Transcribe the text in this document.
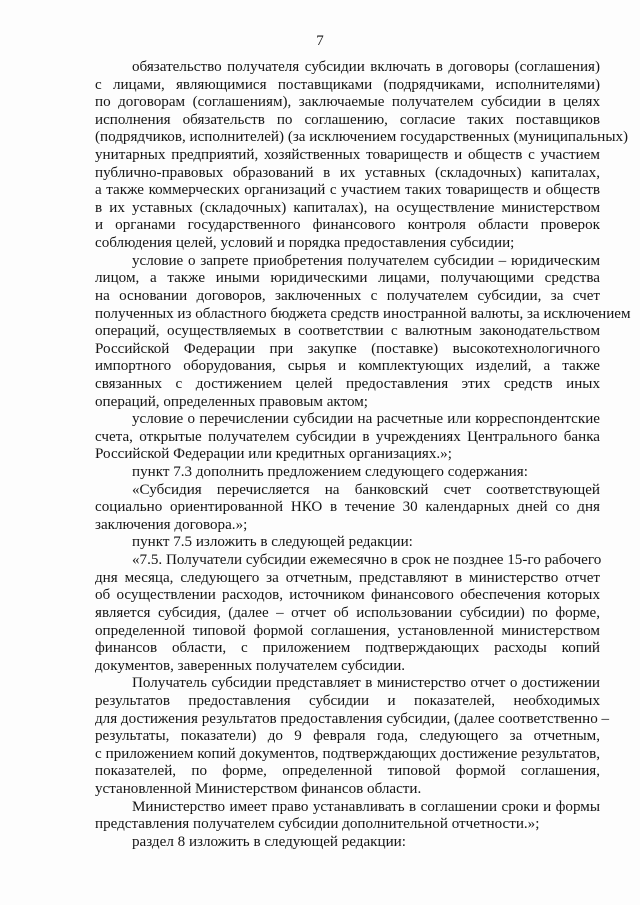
7
обязательство получателя субсидии включать в договоры (соглашения)
с лицами, являющимися поставщиками (подрядчиками, исполнителями)
по договорам (соглашениям), заключаемые получателем субсидии в целях
исполнения обязательств по соглашению, согласие таких поставщиков
(подрядчиков, исполнителей) (за исключением государственных (муниципальных)
унитарных предприятий, хозяйственных товариществ и обществ с участием
публично-правовых образований в их уставных (складочных) капиталах,
а также коммерческих организаций с участием таких товариществ и обществ
в их уставных (складочных) капиталах), на осуществление министерством
и органами государственного финансового контроля области проверок
соблюдения целей, условий и порядка предоставления субсидии;
условие о запрете приобретения получателем субсидии – юридическим
лицом, а также иными юридическими лицами, получающими средства
на основании договоров, заключенных с получателем субсидии, за счет
полученных из областного бюджета средств иностранной валюты, за исключением
операций, осуществляемых в соответствии с валютным законодательством
Российской Федерации при закупке (поставке) высокотехнологичного
импортного оборудования, сырья и комплектующих изделий, а также
связанных с достижением целей предоставления этих средств иных
операций, определенных правовым актом;
условие о перечислении субсидии на расчетные или корреспондентские
счета, открытые получателем субсидии в учреждениях Центрального банка
Российской Федерации или кредитных организациях.»;
пункт 7.3 дополнить предложением следующего содержания:
«Субсидия перечисляется на банковский счет соответствующей
социально ориентированной НКО в течение 30 календарных дней со дня
заключения договора.»;
пункт 7.5 изложить в следующей редакции:
«7.5. Получатели субсидии ежемесячно в срок не позднее 15-го рабочего
дня месяца, следующего за отчетным, представляют в министерство отчет
об осуществлении расходов, источником финансового обеспечения которых
является субсидия, (далее – отчет об использовании субсидии) по форме,
определенной типовой формой соглашения, установленной министерством
финансов области, с приложением подтверждающих расходы копий
документов, заверенных получателем субсидии.
Получатель субсидии представляет в министерство отчет о достижении
результатов предоставления субсидии и показателей, необходимых
для достижения результатов предоставления субсидии, (далее соответственно –
результаты, показатели) до 9 февраля года, следующего за отчетным,
с приложением копий документов, подтверждающих достижение результатов,
показателей, по форме, определенной типовой формой соглашения,
установленной Министерством финансов области.
Министерство имеет право устанавливать в соглашении сроки и формы
представления получателем субсидии дополнительной отчетности.»;
раздел 8 изложить в следующей редакции:
